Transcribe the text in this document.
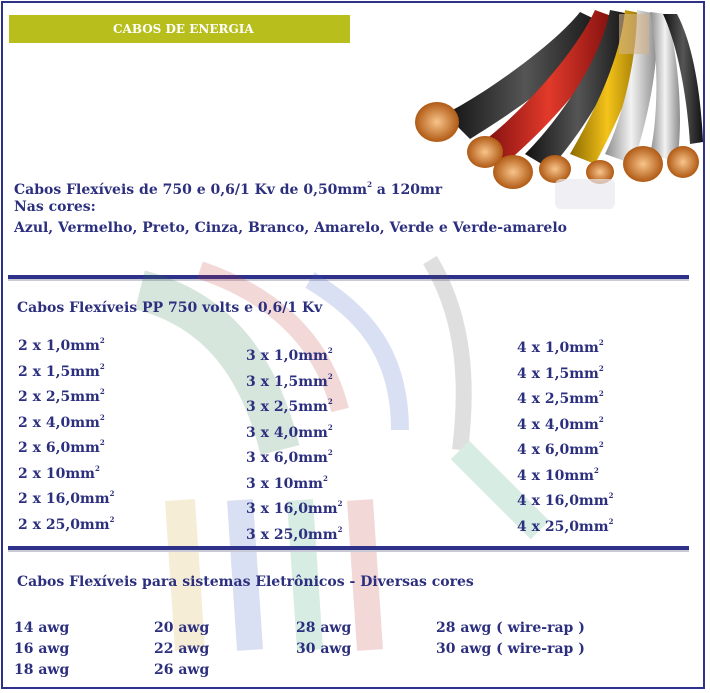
CABOS DE ENERGIA
Cabos Flexíveis de 750 e 0,6/1 Kv de $0,50mm^2$ a 120mr
Nas cores:
Azul, Vermelho, Preto, Cinza, Branco, Amarelo, Verde e Verde-amarelo
Cabos Flexíveis PP 750 volts e 0,6/1 Kv
2 x $1,0mm^2$
2 x $1,5mm^2$
2 x $2,5mm^2$
2 x $4,0mm^2$
2 x $6,0mm^2$
2 x $10mm^2$
2 x $16,0mm^2$
2 x $25,0mm^2$
3 x $1,0mm^2$
3 x $1,5mm^2$
3 x $2,5mm^2$
3 x $4,0mm^2$
3 x $6,0mm^2$
3 x $10mm^2$
3 x $16,0mm^2$
3 x $25,0mm^2$
4 x $1,0mm^2$
4 x $1,5mm^2$
4 x $2,5mm^2$
4 x $4,0mm^2$
4 x $6,0mm^2$
4 x $10mm^2$
4 x $16,0mm^2$
4 x $25,0mm^2$
Cabos Flexíveis para sistemas Eletrônicos - Diversas cores
14 awg
16 awg
18 awg
20 awg
22 awg
26 awg
28 awg
30 awg
28 awg ( wire-rap )
30 awg ( wire-rap )
